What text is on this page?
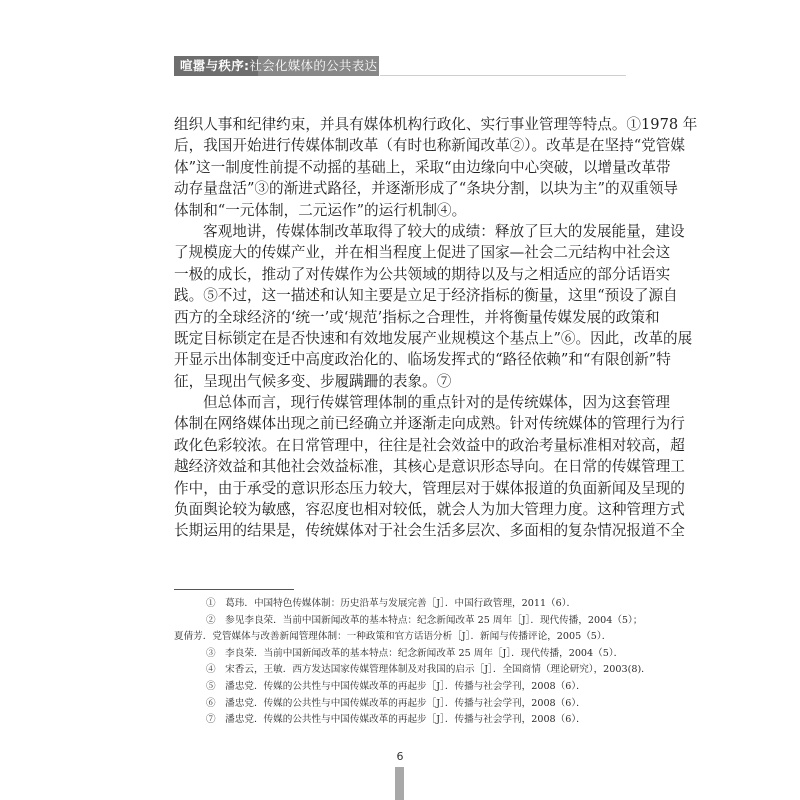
喧嚣与秩序:社会化媒体的公共表达
组织人事和纪律约束，并具有媒体机构行政化、实行事业管理等特点。①1978 年
后，我国开始进行传媒体制改革（有时也称新闻改革②）。改革是在坚持“党管媒
体”这一制度性前提不动摇的基础上，采取“由边缘向中心突破，以增量改革带
动存量盘活”③的渐进式路径，并逐渐形成了“条块分割，以块为主”的双重领导
体制和“一元体制，二元运作”的运行机制④。
客观地讲，传媒体制改革取得了较大的成绩：释放了巨大的发展能量，建设
了规模庞大的传媒产业，并在相当程度上促进了国家—社会二元结构中社会这
一极的成长，推动了对传媒作为公共领域的期待以及与之相适应的部分话语实
践。⑤不过，这一描述和认知主要是立足于经济指标的衡量，这里“预设了源自
西方的全球经济的‘统一’或‘规范’指标之合理性，并将衡量传媒发展的政策和
既定目标锁定在是否快速和有效地发展产业规模这个基点上”⑥。因此，改革的展
开显示出体制变迁中高度政治化的、临场发挥式的“路径依赖”和“有限创新”特
征，呈现出气候多变、步履蹒跚的表象。⑦
但总体而言，现行传媒管理体制的重点针对的是传统媒体，因为这套管理
体制在网络媒体出现之前已经确立并逐渐走向成熟。针对传统媒体的管理行为行
政化色彩较浓。在日常管理中，往往是社会效益中的政治考量标准相对较高，超
越经济效益和其他社会效益标准，其核心是意识形态导向。在日常的传媒管理工
作中，由于承受的意识形态压力较大，管理层对于媒体报道的负面新闻及呈现的
负面舆论较为敏感，容忍度也相对较低，就会人为加大管理力度。这种管理方式
长期运用的结果是，传统媒体对于社会生活多层次、多面相的复杂情况报道不全
①　葛玮．中国特色传媒体制：历史沿革与发展完善［J］．中国行政管理，2011（6）．
②　参见李良荣．当前中国新闻改革的基本特点：纪念新闻改革 25 周年［J］．现代传播，2004（5）；
夏倩芳．党管媒体与改善新闻管理体制：一种政策和官方话语分析［J］．新闻与传播评论，2005（5）．
③　李良荣．当前中国新闻改革的基本特点：纪念新闻改革 25 周年［J］．现代传播，2004（5）．
④　宋香云，王敏．西方发达国家传媒管理体制及对我国的启示［J］．全国商情（理论研究），2003(8)．
⑤　潘忠党．传媒的公共性与中国传媒改革的再起步［J］．传播与社会学刊，2008（6）．
⑥　潘忠党．传媒的公共性与中国传媒改革的再起步［J］．传播与社会学刊，2008（6）．
⑦　潘忠党．传媒的公共性与中国传媒改革的再起步［J］．传播与社会学刊，2008（6）．
6
